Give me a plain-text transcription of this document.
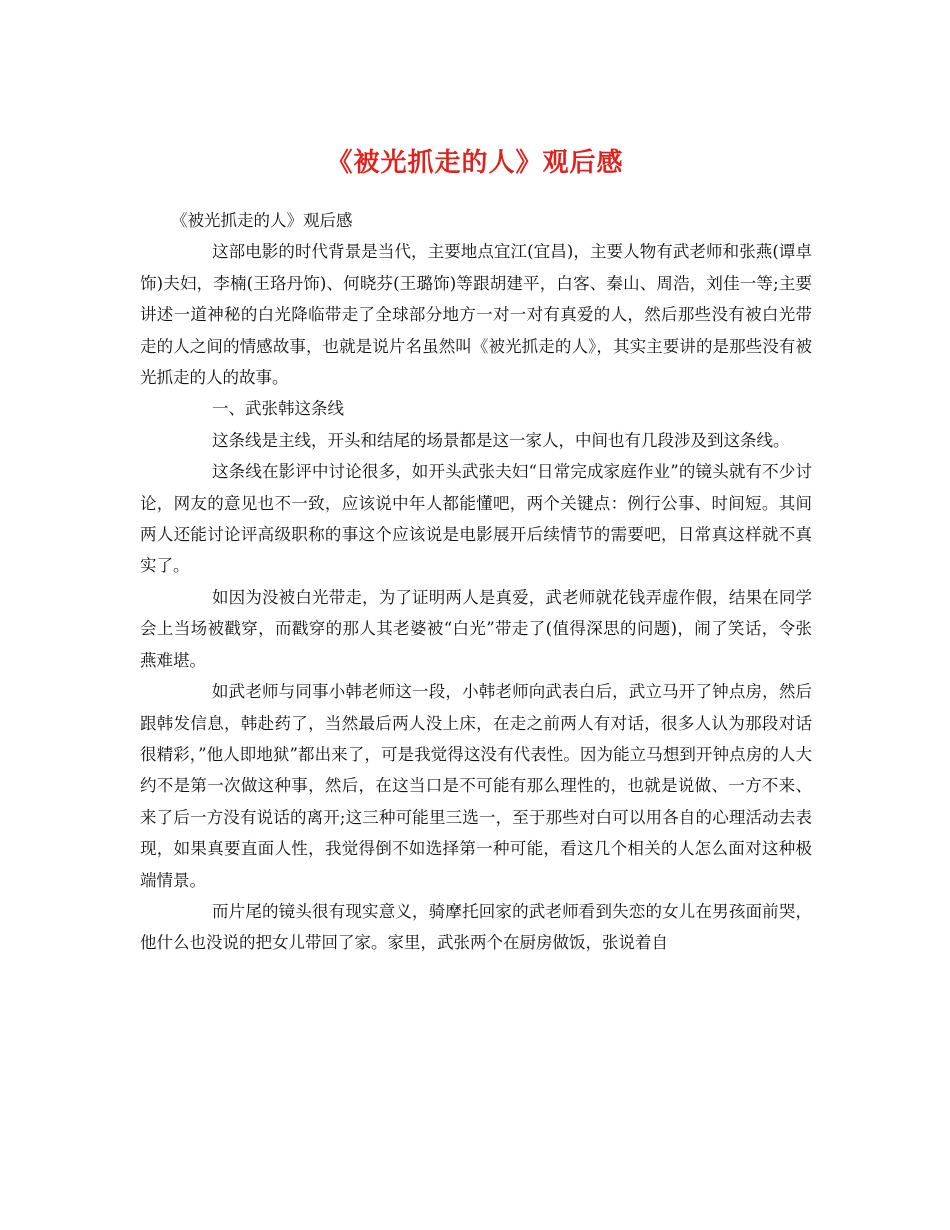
《被光抓走的人》观后感

《被光抓走的人》观后感

这部电影的时代背景是当代，主要地点宜江(宜昌)，主要人物有武老师和张燕(谭卓饰)夫妇，李楠(王珞丹饰)、何晓芬(王璐饰)等跟胡建平，白客、秦山、周浩，刘佳一等;主要讲述一道神秘的白光降临带走了全球部分地方一对一对有真爱的人，然后那些没有被白光带走的人之间的情感故事，也就是说片名虽然叫《被光抓走的人》，其实主要讲的是那些没有被光抓走的人的故事。

一、武张韩这条线

这条线是主线，开头和结尾的场景都是这一家人，中间也有几段涉及到这条线。

这条线在影评中讨论很多，如开头武张夫妇“日常完成家庭作业”的镜头就有不少讨论，网友的意见也不一致，应该说中年人都能懂吧，两个关键点：例行公事、时间短。其间两人还能讨论评高级职称的事这个应该说是电影展开后续情节的需要吧，日常真这样就不真实了。

如因为没被白光带走，为了证明两人是真爱，武老师就花钱弄虚作假，结果在同学会上当场被戳穿，而戳穿的那人其老婆被“白光”带走了(值得深思的问题)，闹了笑话，令张燕难堪。

如武老师与同事小韩老师这一段，小韩老师向武表白后，武立马开了钟点房，然后跟韩发信息，韩赴药了，当然最后两人没上床，在走之前两人有对话，很多人认为那段对话很精彩，”他人即地狱”都出来了，可是我觉得这没有代表性。因为能立马想到开钟点房的人大约不是第一次做这种事，然后，在这当口是不可能有那么理性的，也就是说做、一方不来、来了后一方没有说话的离开;这三种可能里三选一，至于那些对白可以用各自的心理活动去表现，如果真要直面人性，我觉得倒不如选择第一种可能，看这几个相关的人怎么面对这种极端情景。

而片尾的镜头很有现实意义，骑摩托回家的武老师看到失恋的女儿在男孩面前哭，他什么也没说的把女儿带回了家。家里，武张两个在厨房做饭，张说着自
